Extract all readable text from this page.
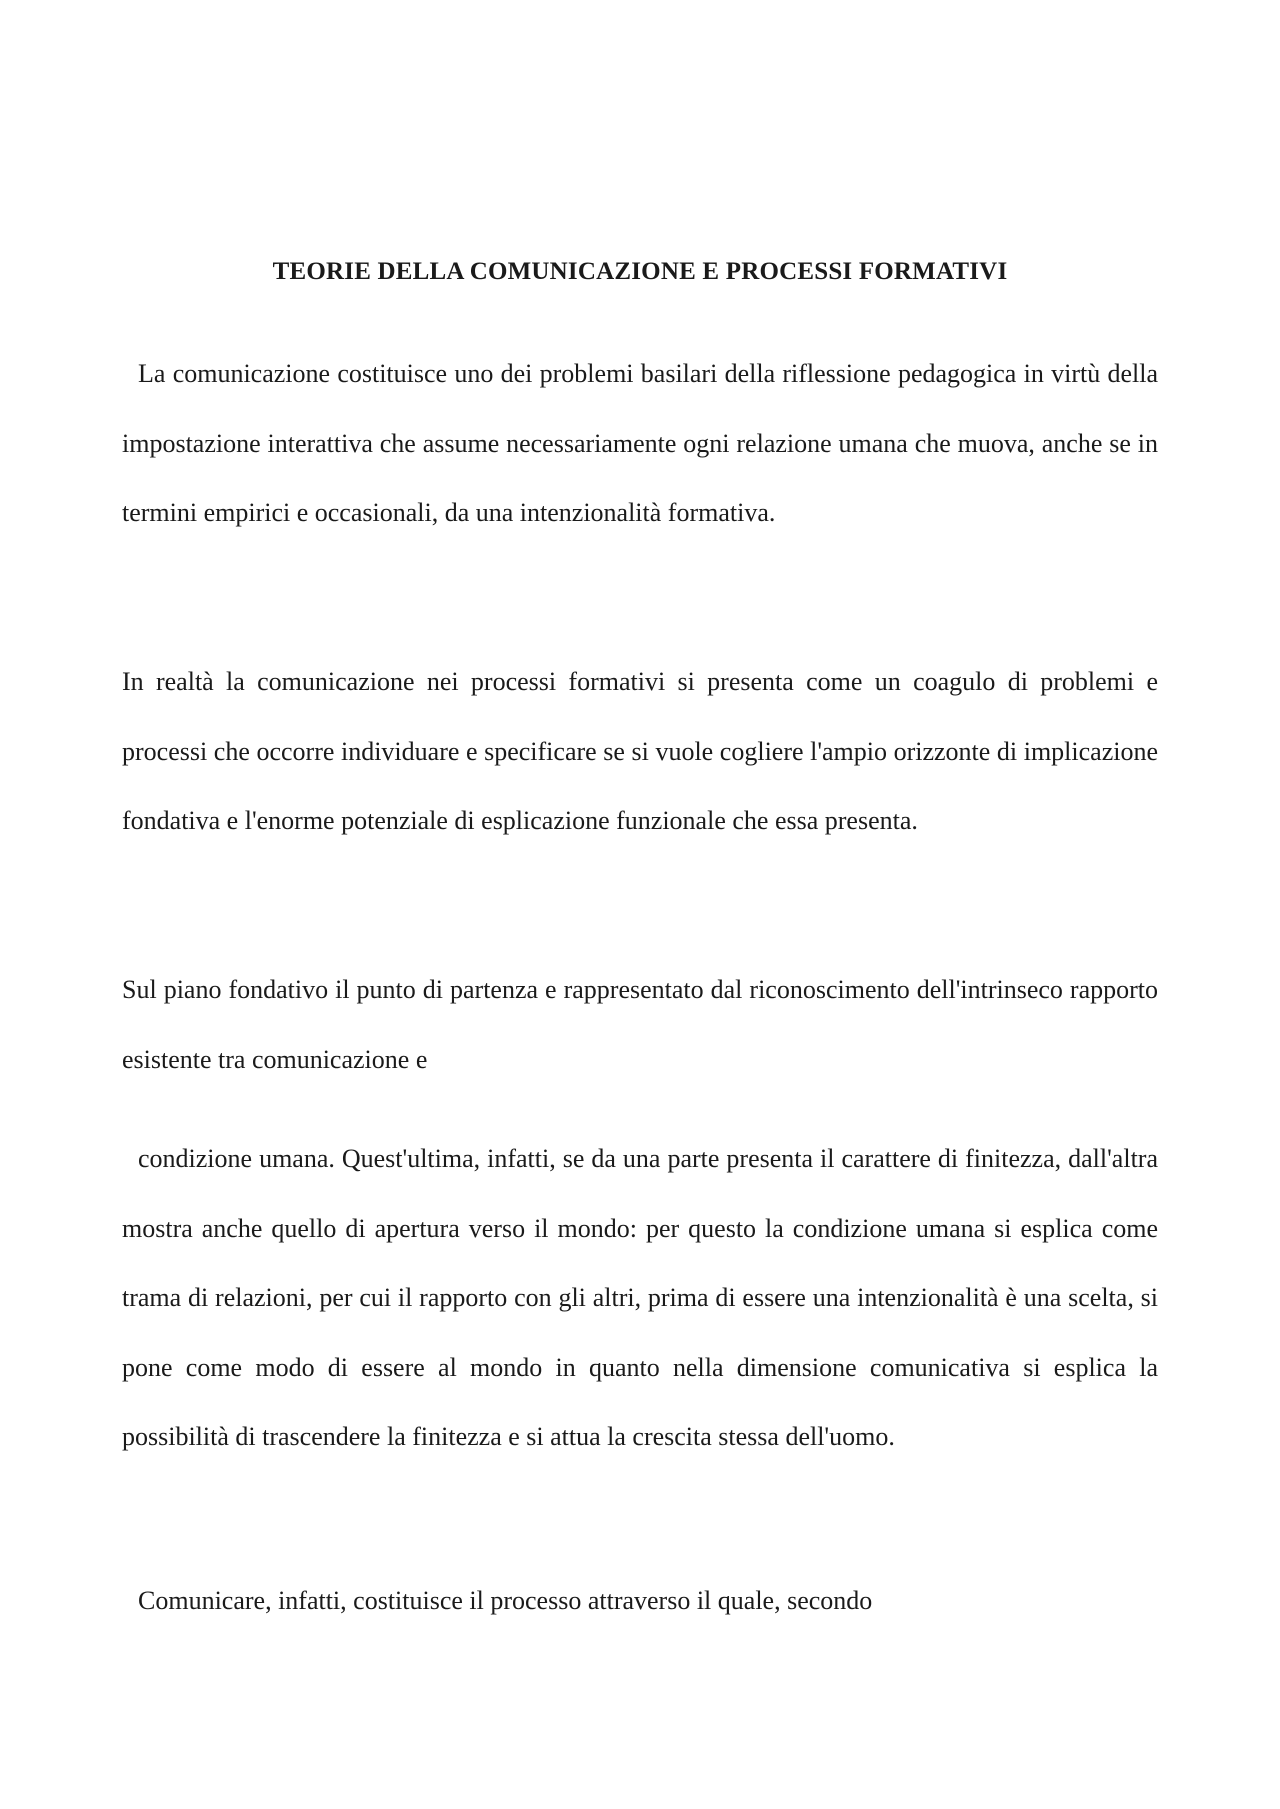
TEORIE DELLA COMUNICAZIONE E PROCESSI FORMATIVI

La comunicazione costituisce uno dei problemi basilari della riflessione pedagogica in virtù della impostazione interattiva che assume necessariamente ogni relazione umana che muova, anche se in termini empirici e occasionali, da una intenzionalità formativa.

In realtà la comunicazione nei processi formativi si presenta come un coagulo di problemi e processi che occorre individuare e specificare se si vuole cogliere l'ampio orizzonte di implicazione fondativa e l'enorme potenziale di esplicazione funzionale che essa presenta.

Sul piano fondativo il punto di partenza e rappresentato dal riconoscimento dell'intrinseco rapporto esistente tra comunicazione e

condizione umana. Quest'ultima, infatti, se da una parte presenta il carattere di finitezza, dall'altra mostra anche quello di apertura verso il mondo: per questo la condizione umana si esplica come trama di relazioni, per cui il rapporto con gli altri, prima di essere una intenzionalità è una scelta, si pone come modo di essere al mondo in quanto nella dimensione comunicativa si esplica la possibilità di trascendere la finitezza e si attua la crescita stessa dell'uomo.

Comunicare, infatti, costituisce il processo attraverso il quale, secondo
